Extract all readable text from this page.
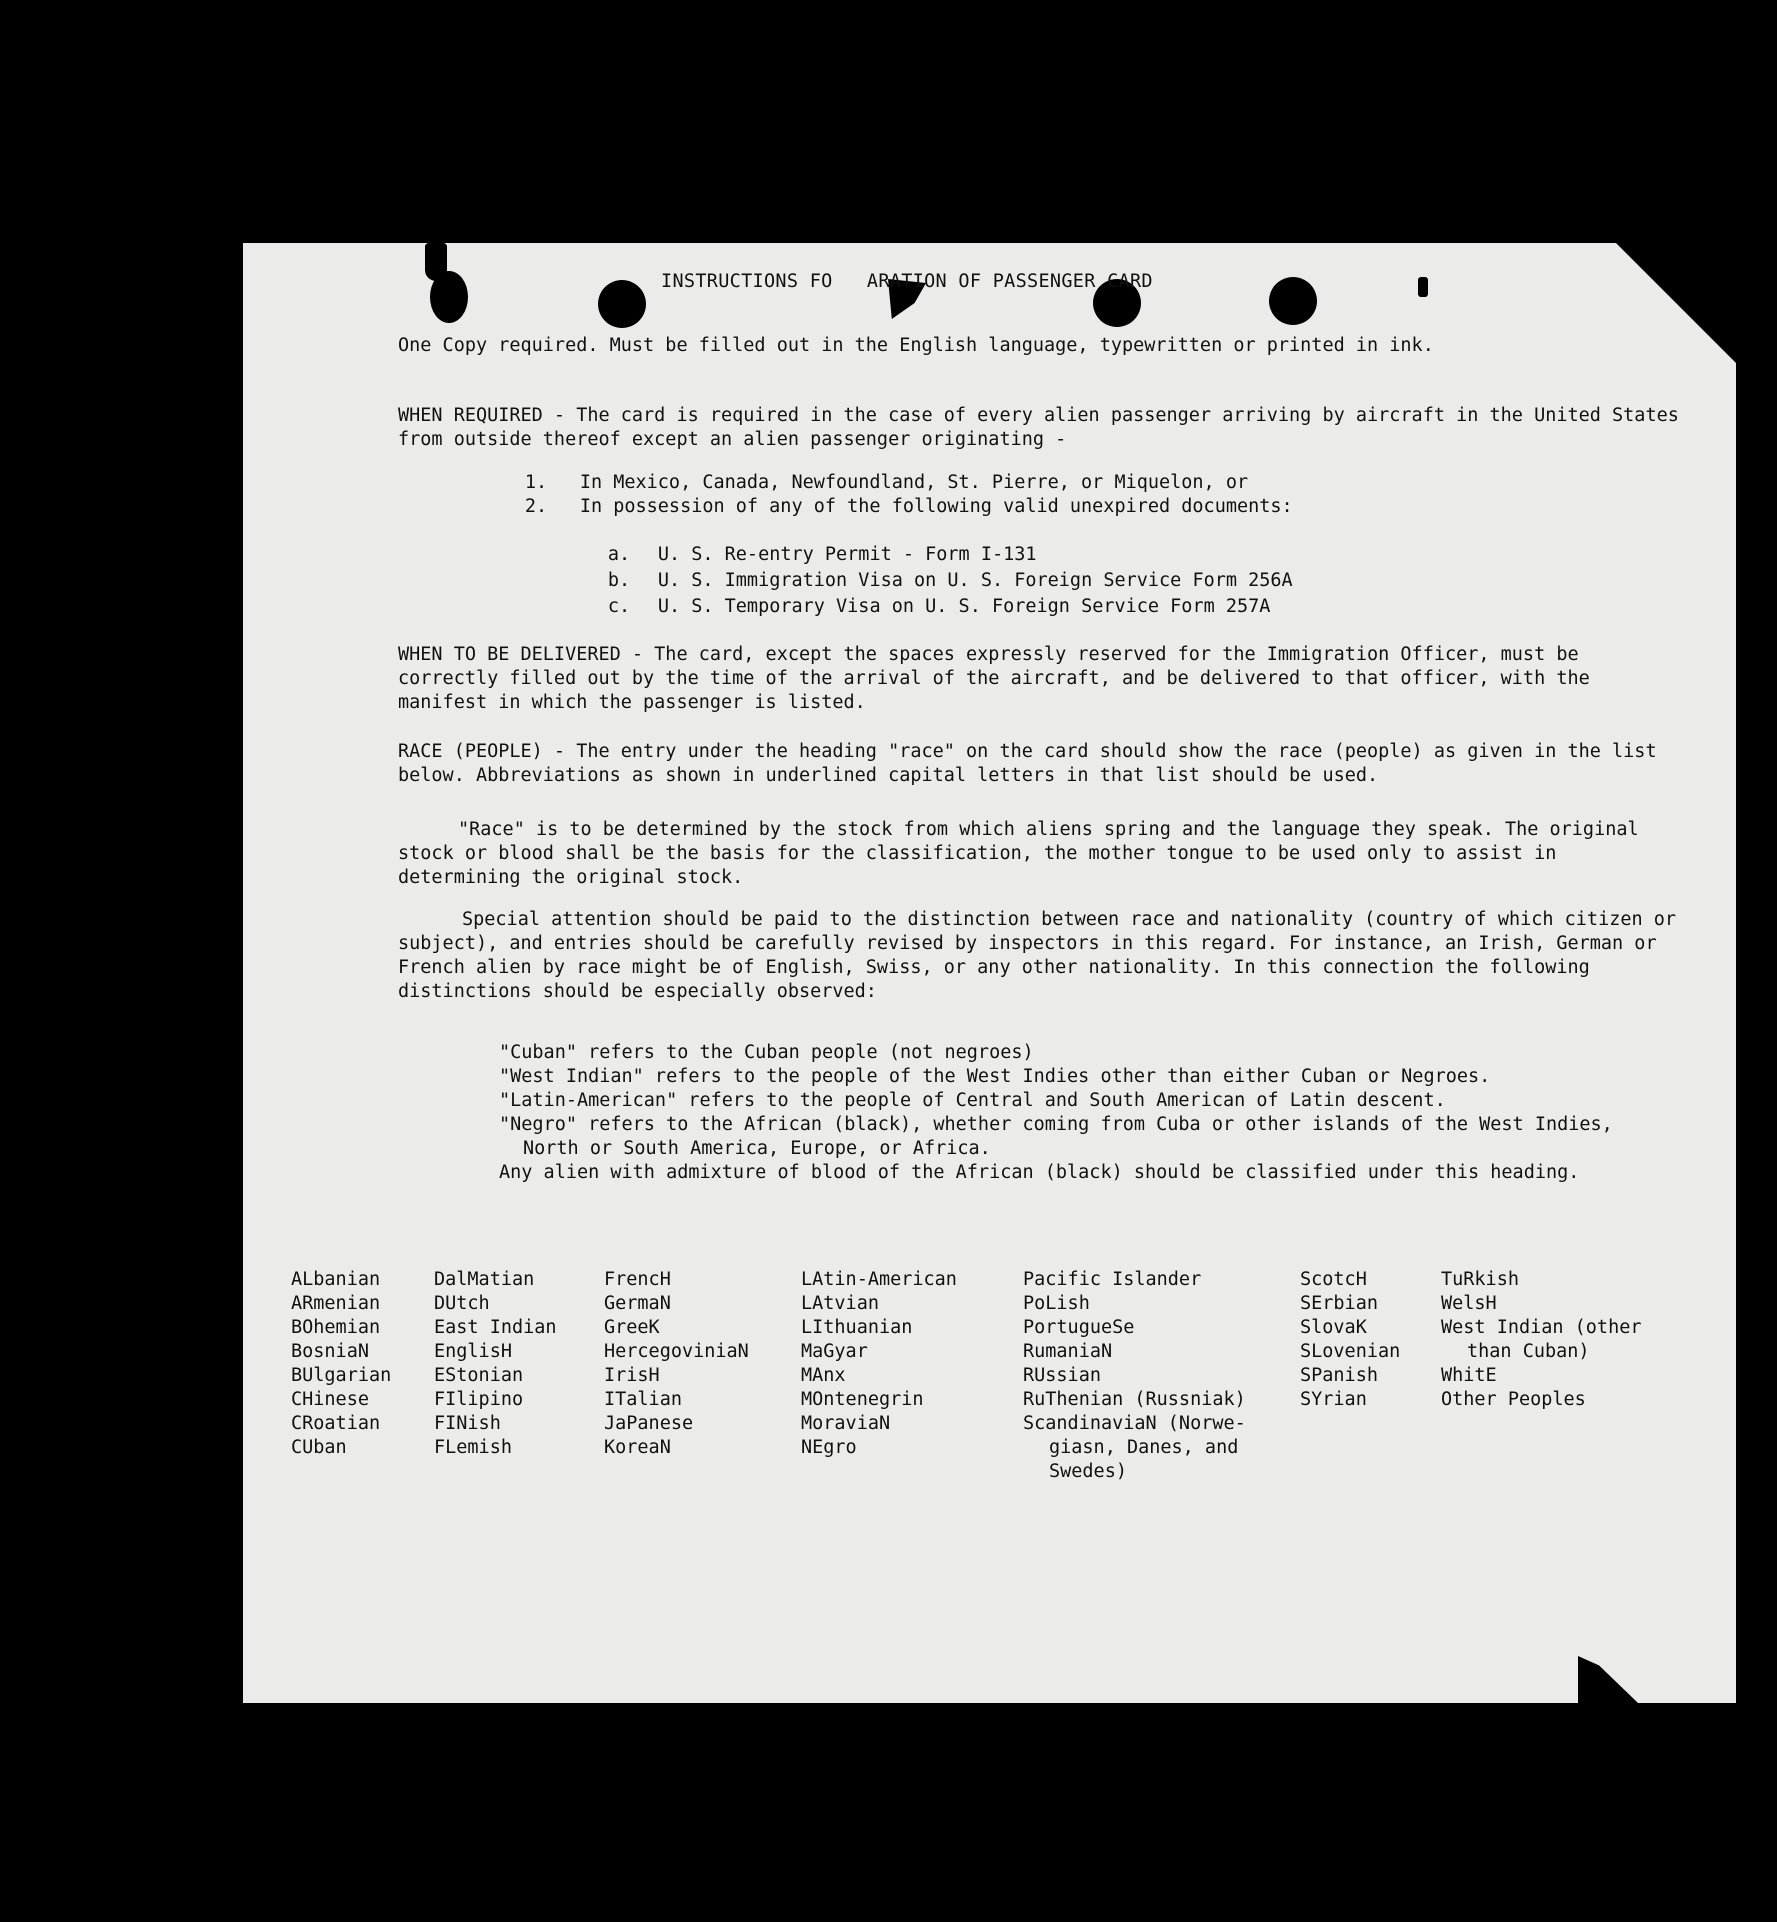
INSTRUCTIONS FO   ARATION OF PASSENGER CARD

One Copy required. Must be filled out in the English language, typewritten or printed in ink.

WHEN REQUIRED - The card is required in the case of every alien passenger arriving by aircraft in the United States from outside thereof except an alien passenger originating -

1. In Mexico, Canada, Newfoundland, St. Pierre, or Miquelon, or

2. In possession of any of the following valid unexpired documents:

a. U. S. Re-entry Permit - Form I-131

b. U. S. Immigration Visa on U. S. Foreign Service Form 256A

c. U. S. Temporary Visa on U. S. Foreign Service Form 257A

WHEN TO BE DELIVERED - The card, except the spaces expressly reserved for the Immigration Officer, must be correctly filled out by the time of the arrival of the aircraft, and be delivered to that officer, with the manifest in which the passenger is listed.

RACE (PEOPLE) - The entry under the heading "race" on the card should show the race (people) as given in the list below. Abbreviations as shown in underlined capital letters in that list should be used.

"Race" is to be determined by the stock from which aliens spring and the language they speak. The original stock or blood shall be the basis for the classification, the mother tongue to be used only to assist in determining the original stock.

Special attention should be paid to the distinction between race and nationality (country of which citizen or subject), and entries should be carefully revised by inspectors in this regard. For instance, an Irish, German or French alien by race might be of English, Swiss, or any other nationality. In this connection the following distinctions should be especially observed:

"Cuban" refers to the Cuban people (not negroes)

"West Indian" refers to the people of the West Indies other than either Cuban or Negroes.

"Latin-American" refers to the people of Central and South American of Latin descent.

"Negro" refers to the African (black), whether coming from Cuba or other islands of the West Indies, North or South America, Europe, or Africa.

Any alien with admixture of blood of the African (black) should be classified under this heading.

ALbanian
ARmenian
BOhemian
BosniaN
BUlgarian
CHinese
CRoatian
CUban
DalMatian
DUtch
East Indian
EnglisH
EStonian
FIlipino
FINish
FLemish
FrencH
GermaN
GreeK
HercegoviniaN
IrisH
ITalian
JaPanese
KoreaN
LAtin-American
LAtvian
LIthuanian
MaGyar
MAnx
MOntenegrin
MoraviaN
NEgro
Pacific Islander
PoLish
PortugueSe
RumaniaN
RUssian
RuThenian (Russniak)
ScandinaviaN (Norwe-
giasn, Danes, and
Swedes)
ScotcH
SErbian
SlovaK
SLovenian
SPanish
SYrian
TuRkish
WelsH
West Indian (other
than Cuban)
WhitE
Other Peoples
